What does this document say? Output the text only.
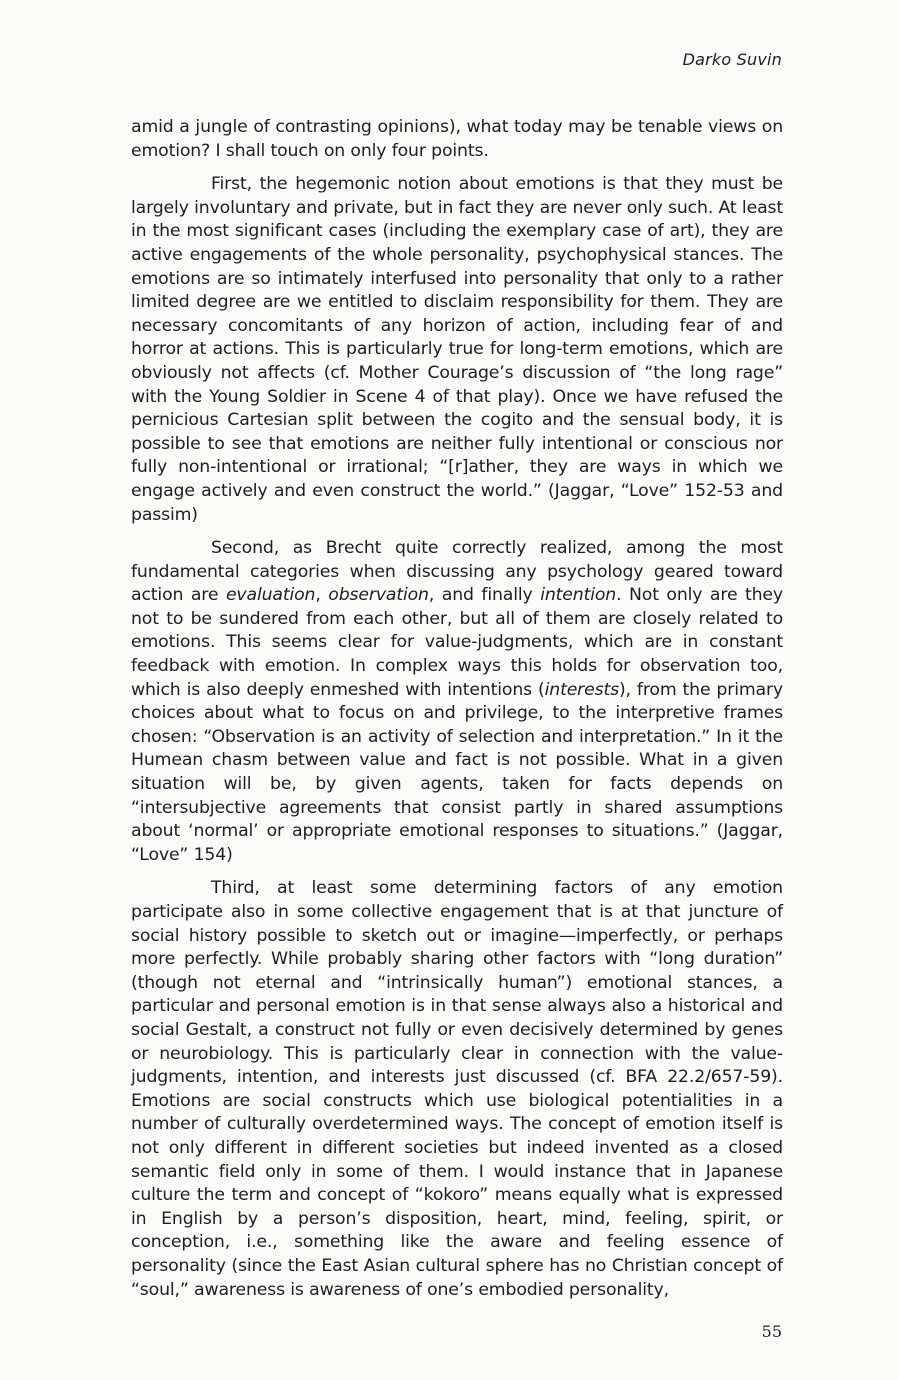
Darko Suvin

amid a jungle of contrasting opinions), what today may be tenable views on emotion? I shall touch on only four points.

First, the hegemonic notion about emotions is that they must be largely involuntary and private, but in fact they are never only such. At least in the most significant cases (including the exemplary case of art), they are active engagements of the whole personality, psychophysical stances. The emotions are so intimately interfused into personality that only to a rather limited degree are we entitled to disclaim responsibility for them. They are necessary concomitants of any horizon of action, including fear of and horror at actions. This is particularly true for long-term emotions, which are obviously not affects (cf. Mother Courage’s discussion of “the long rage” with the Young Soldier in Scene 4 of that play). Once we have refused the pernicious Cartesian split between the cogito and the sensual body, it is possible to see that emotions are neither fully intentional or conscious nor fully non-intentional or irrational; “[r]ather, they are ways in which we engage actively and even construct the world.” (Jaggar, “Love” 152-53 and passim)

Second, as Brecht quite correctly realized, among the most fundamental categories when discussing any psychology geared toward action are evaluation, observation, and finally intention. Not only are they not to be sundered from each other, but all of them are closely related to emotions. This seems clear for value-judgments, which are in constant feedback with emotion. In complex ways this holds for observation too, which is also deeply enmeshed with intentions (interests), from the primary choices about what to focus on and privilege, to the interpretive frames chosen: “Observation is an activity of selection and interpretation.” In it the Humean chasm between value and fact is not possible. What in a given situation will be, by given agents, taken for facts depends on “intersubjective agreements that consist partly in shared assumptions about ‘normal’ or appropriate emotional responses to situations.” (Jaggar, “Love” 154)

Third, at least some determining factors of any emotion participate also in some collective engagement that is at that juncture of social history possible to sketch out or imagine—imperfectly, or perhaps more perfectly. While probably sharing other factors with “long duration” (though not eternal and “intrinsically human”) emotional stances, a particular and personal emotion is in that sense always also a historical and social Gestalt, a construct not fully or even decisively determined by genes or neurobiology. This is particularly clear in connection with the value-judgments, intention, and interests just discussed (cf. BFA 22.2/657-59). Emotions are social constructs which use biological potentialities in a number of culturally overdetermined ways. The concept of emotion itself is not only different in different societies but indeed invented as a closed semantic field only in some of them. I would instance that in Japanese culture the term and concept of “kokoro” means equally what is expressed in English by a person’s disposition, heart, mind, feeling, spirit, or conception, i.e., something like the aware and feeling essence of personality (since the East Asian cultural sphere has no Christian concept of “soul,” awareness is awareness of one’s embodied personality,

55
